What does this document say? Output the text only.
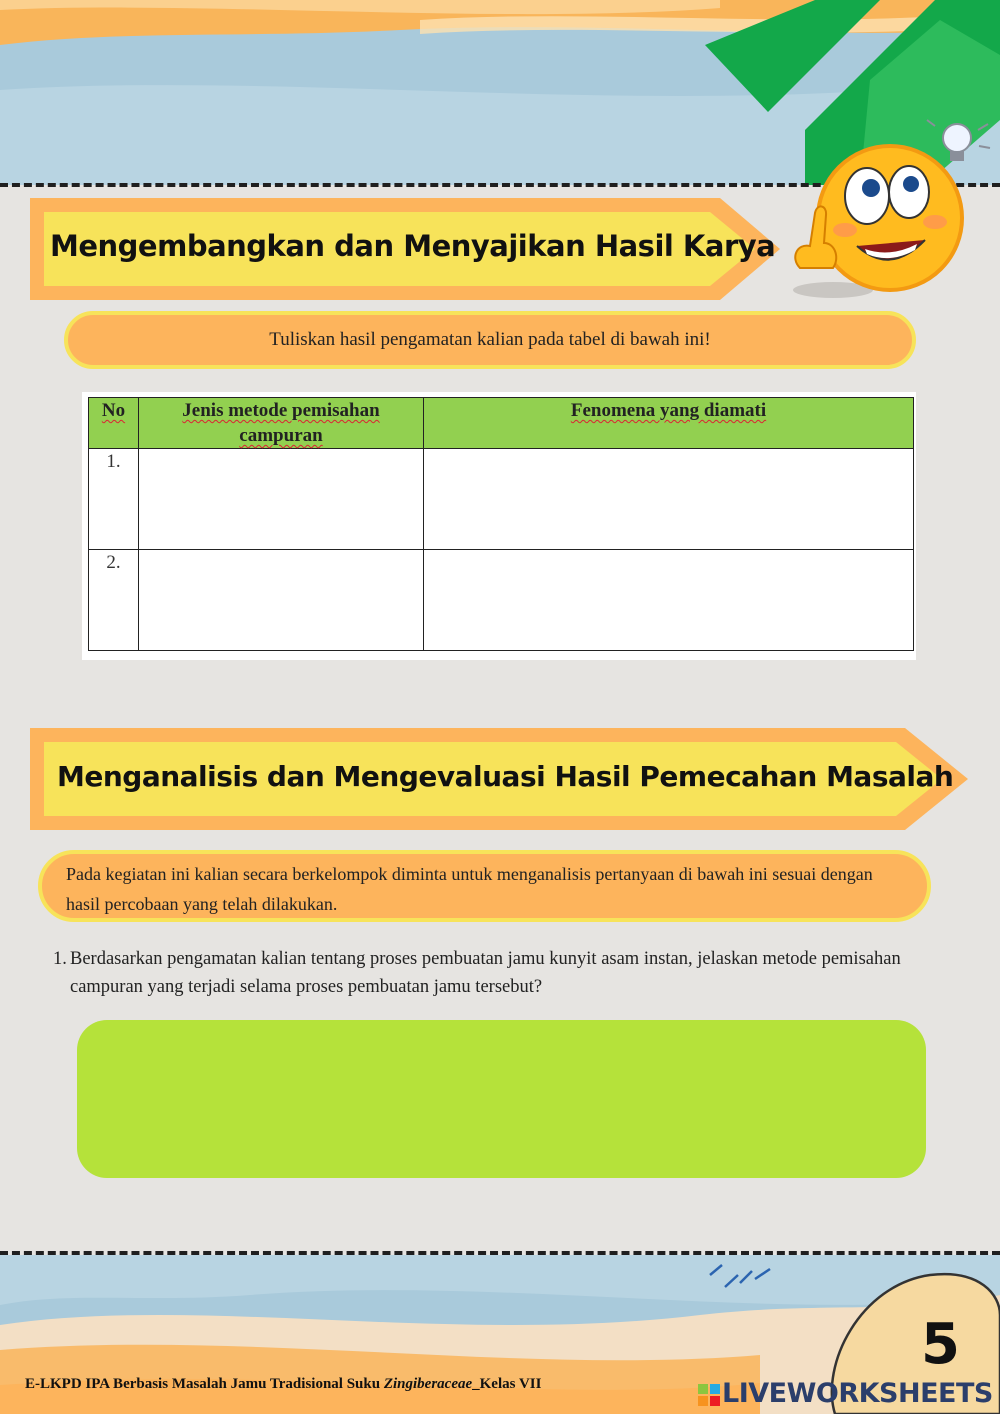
Mengembangkan dan Menyajikan Hasil Karya
Tuliskan hasil pengamatan kalian pada tabel di bawah ini!
No	Jenis metode pemisahan campuran	Fenomena yang diamati
1.		
2.		
Menganalisis dan Mengevaluasi Hasil Pemecahan Masalah
Pada kegiatan ini kalian secara berkelompok diminta untuk menganalisis pertanyaan di bawah ini sesuai dengan hasil percobaan yang telah dilakukan.
1. Berdasarkan pengamatan kalian tentang proses pembuatan jamu kunyit asam instan, jelaskan metode pemisahan campuran yang terjadi selama proses pembuatan jamu tersebut?
5
E-LKPD IPA Berbasis Masalah Jamu Tradisional Suku Zingiberaceae_Kelas VII	LIVEWORKSHEETS
